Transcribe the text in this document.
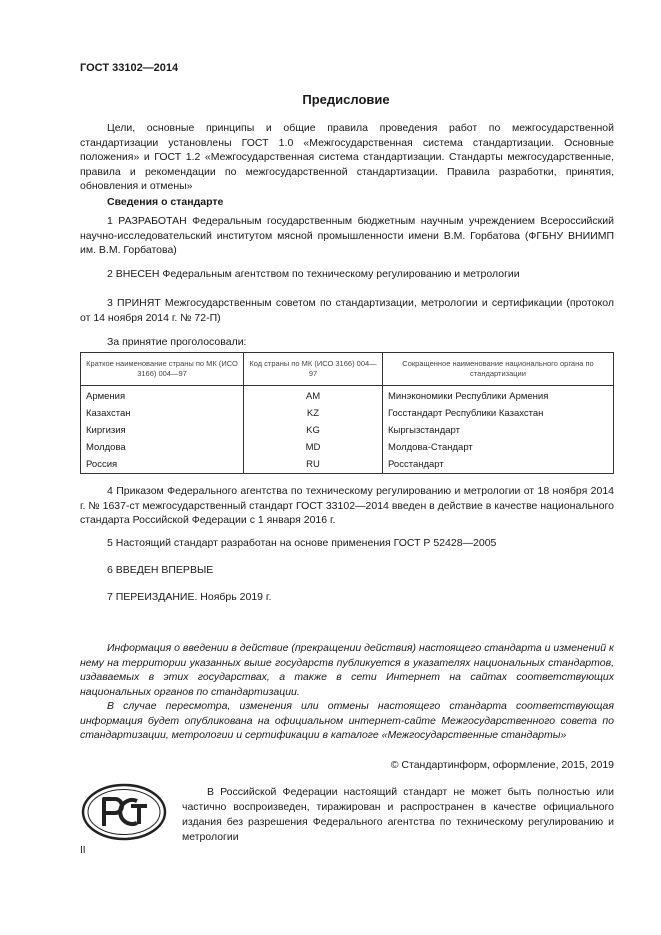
ГОСТ 33102—2014
Предисловие
Цели, основные принципы и общие правила проведения работ по межгосударственной стандартизации установлены ГОСТ 1.0 «Межгосударственная система стандартизации. Основные положения» и ГОСТ 1.2 «Межгосударственная система стандартизации. Стандарты межгосударственные, правила и рекомендации по межгосударственной стандартизации. Правила разработки, принятия, обновления и отмены»
Сведения о стандарте
1 РАЗРАБОТАН Федеральным государственным бюджетным научным учреждением Всероссийский научно-исследовательский институтом мясной промышленности имени В.М. Горбатова (ФГБНУ ВНИИМП им. В.М. Горбатова)
2 ВНЕСЕН Федеральным агентством по техническому регулированию и метрологии
3 ПРИНЯТ Межгосударственным советом по стандартизации, метрологии и сертификации (протокол от 14 ноября 2014 г. № 72-П)
За принятие проголосовали:
Краткое наименование страны по МК (ИСО 3166) 004—97	Код страны по МК (ИСО 3166) 004—97	Сокращенное наименование национального органа по стандартизации
Армения	AM	Минэкономики Республики Армения
Казахстан	KZ	Госстандарт Республики Казахстан
Киргизия	KG	Кыргызстандарт
Молдова	MD	Молдова-Стандарт
Россия	RU	Росстандарт
4 Приказом Федерального агентства по техническому регулированию и метрологии от 18 ноября 2014 г. № 1637-ст межгосударственный стандарт ГОСТ 33102—2014 введен в действие в качестве национального стандарта Российской Федерации с 1 января 2016 г.
5 Настоящий стандарт разработан на основе применения ГОСТ Р 52428—2005
6 ВВЕДЕН ВПЕРВЫЕ
7 ПЕРЕИЗДАНИЕ. Ноябрь 2019 г.
Информация о введении в действие (прекращении действия) настоящего стандарта и изменений к нему на территории указанных выше государств публикуется в указателях национальных стандартов, издаваемых в этих государствах, а также в сети Интернет на сайтах соответствующих национальных органов по стандартизации.
В случае пересмотра, изменения или отмены настоящего стандарта соответствующая информация будет опубликована на официальном интернет-сайте Межгосударственного совета по стандартизации, метрологии и сертификации в каталоге «Межгосударственные стандарты»
© Стандартинформ, оформление, 2015, 2019
В Российской Федерации настоящий стандарт не может быть полностью или частично воспроизведен, тиражирован и распространен в качестве официального издания без разрешения Федерального агентства по техническому регулированию и метрологии
II
